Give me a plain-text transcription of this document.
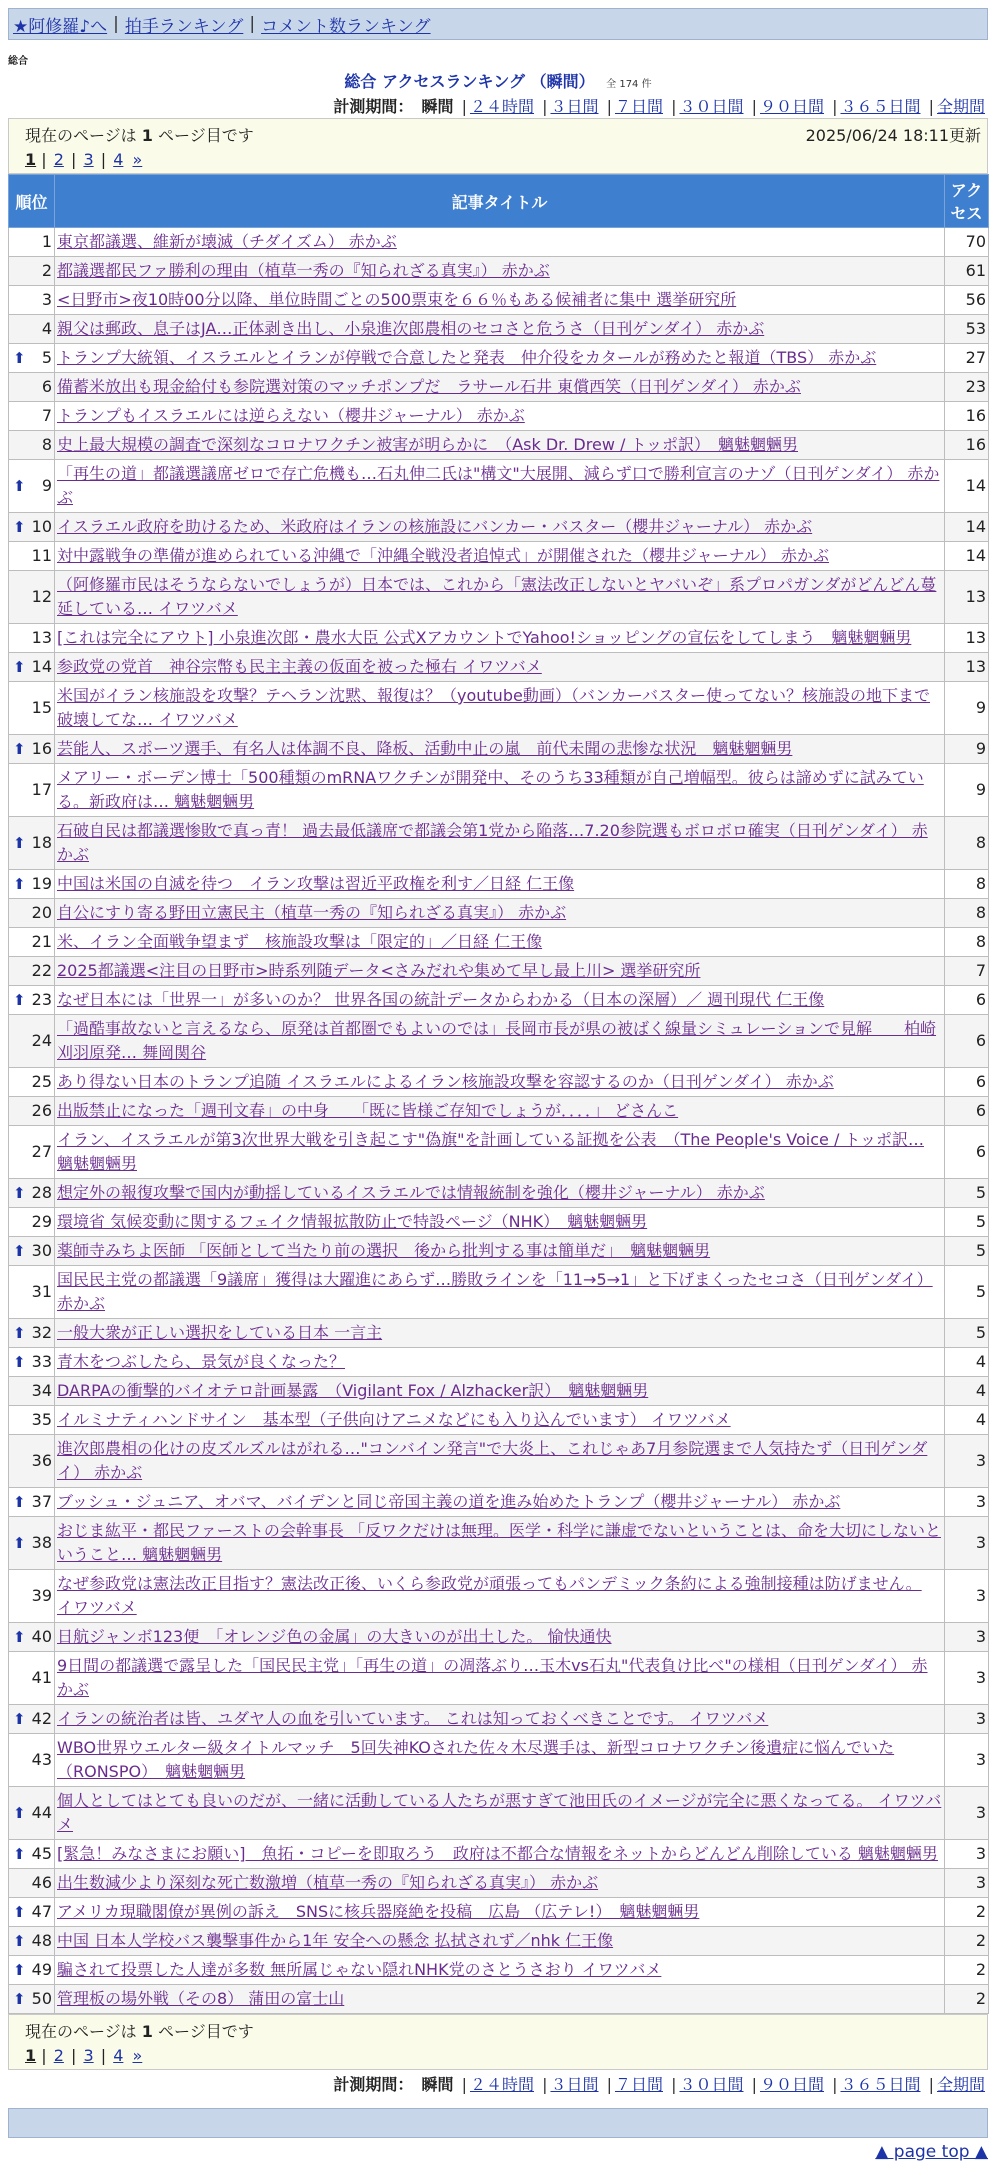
★阿修羅♪へ | 拍手ランキング | コメント数ランキング
総合
総合 アクセスランキング （瞬間） 全 174 件
計測期間： 瞬間 | ２４時間 | ３日間 | ７日間 | ３０日間 | ９０日間 | ３６５日間 | 全期間
現在のページは 1 ページ目です	2025/06/24 18:11更新
1 | 2 | 3 | 4 »
順位	記事タイトル	アクセス
1	東京都議選、維新が壊滅（チダイズム） 赤かぶ	70
2	都議選都民ファ勝利の理由（植草一秀の『知られざる真実』） 赤かぶ	61
3	<日野市>夜10時00分以降、単位時間ごとの500票束を６６％もある候補者に集中 選挙研究所	56
4	親父は郵政、息子はJA…正体剥き出し、小泉進次郎農相のセコさと危うさ（日刊ゲンダイ） 赤かぶ	53

⬆ 5	トランプ大統領、イスラエルとイランが停戦で合意したと発表　仲介役をカタールが務めたと報道（TBS） 赤かぶ	27
6	備蓄米放出も現金給付も参院選対策のマッチポンプだ　ラサール石井 東償西笑（日刊ゲンダイ） 赤かぶ	23
7	トランプもイスラエルには逆らえない（櫻井ジャーナル） 赤かぶ	16
8	史上最大規模の調査で深刻なコロナワクチン被害が明らかに　（Ask Dr. Drew / トッポ訳）　魑魅魍魎男	16

⬆ 9	「再生の道」都議選議席ゼロで存亡危機も…石丸伸二氏は"構文"大展開、減らず口で勝利宣言のナゾ（日刊ゲンダイ） 赤かぶ	14

⬆ 10	イスラエル政府を助けるため、米政府はイランの核施設にバンカー・バスター（櫻井ジャーナル） 赤かぶ	14
11	対中露戦争の準備が進められている沖縄で「沖縄全戦没者追悼式」が開催された（櫻井ジャーナル） 赤かぶ	14
12	（阿修羅市民はそうならないでしょうが）日本では、これから「憲法改正しないとヤバいぞ」系プロパガンダがどんどん蔓延している… イワツバメ	13
13	[これは完全にアウト] 小泉進次郎・農水大臣 公式XアカウントでYahoo!ショッピングの宣伝をしてしまう　魑魅魍魎男	13

⬆ 14	参政党の党首　神谷宗幣も民主主義の仮面を被った極右 イワツバメ	13
15	米国がイラン核施設を攻撃？テヘラン沈黙、報復は？（youtube動画）（バンカーバスター使ってない？核施設の地下まで破壊してな… イワツバメ	9

⬆ 16	芸能人、スポーツ選手、有名人は体調不良、降板、活動中止の嵐　前代未聞の悲惨な状況　魑魅魍魎男	9
17	メアリー・ボーデン博士「500種類のmRNAワクチンが開発中、そのうち33種類が自己増幅型。彼らは諦めずに試みている。新政府は… 魑魅魍魎男	9

⬆ 18	石破自民は都議選惨敗で真っ青！ 過去最低議席で都議会第1党から陥落…7.20参院選もボロボロ確実（日刊ゲンダイ） 赤かぶ	8

⬆ 19	中国は米国の自滅を待つ　イラン攻撃は習近平政権を利す／日経 仁王像	8
20	自公にすり寄る野田立憲民主（植草一秀の『知られざる真実』） 赤かぶ	8
21	米、イラン全面戦争望まず　核施設攻撃は「限定的」／日経 仁王像	8
22	2025都議選<注目の日野市>時系列随データ<さみだれや集めて早し最上川> 選挙研究所	7

⬆ 23	なぜ日本には「世界一」が多いのか？ 世界各国の統計データからわかる（日本の深層）／ 週刊現代 仁王像	6
24	「過酷事故ないと言えるなら、原発は首都圏でもよいのでは」長岡市長が県の被ばく線量シミュレーションで見解　　柏崎刈羽原発… 舞岡関谷	6
25	あり得ない日本のトランプ追随 イスラエルによるイラン核施設攻撃を容認するのか（日刊ゲンダイ） 赤かぶ	6
26	出版禁止になった「週刊文春」の中身　　「既に皆様ご存知でしょうが．．．．」 どさんこ	6
27	イラン、イスラエルが第3次世界大戦を引き起こす"偽旗"を計画している証拠を公表　（The People's Voice / トッポ訳… 魑魅魍魎男	6

⬆ 28	想定外の報復攻撃で国内が動揺しているイスラエルでは情報統制を強化（櫻井ジャーナル） 赤かぶ	5
29	環境省 気候変動に関するフェイク情報拡散防止で特設ページ（NHK）　魑魅魍魎男	5

⬆ 30	薬師寺みちよ医師 「医師として当たり前の選択　後から批判する事は簡単だ」　魑魅魍魎男	5
31	国民民主党の都議選「9議席」獲得は大躍進にあらず…勝敗ラインを「11→5→1」と下げまくったセコさ（日刊ゲンダイ） 赤かぶ	5

⬆ 32	一般大衆が正しい選択をしている日本 一言主	5

⬆ 33	青木をつぶしたら、景気が良くなった？	4
34	DARPAの衝撃的バイオテロ計画暴露　（Vigilant Fox / Alzhacker訳）　魑魅魍魎男	4
35	イルミナティハンドサイン　基本型（子供向けアニメなどにも入り込んでいます） イワツバメ	4
36	進次郎農相の化けの皮ズルズルはがれる…"コンバイン発言"で大炎上、これじゃあ7月参院選まで人気持たず（日刊ゲンダイ） 赤かぶ	3

⬆ 37	ブッシュ・ジュニア、オバマ、バイデンと同じ帝国主義の道を進み始めたトランプ（櫻井ジャーナル） 赤かぶ	3

⬆ 38	おじま紘平・都民ファーストの会幹事長 「反ワクだけは無理。医学・科学に謙虚でないということは、命を大切にしないということ… 魑魅魍魎男	3
39	なぜ参政党は憲法改正目指す？憲法改正後、いくら参政党が頑張ってもパンデミック条約による強制接種は防げません。 イワツバメ	3

⬆ 40	日航ジャンボ123便　「オレンジ色の金属」の大きいのが出土した。 愉快通快	3
41	9日間の都議選で露呈した「国民民主党」「再生の道」の凋落ぶり…玉木vs石丸"代表負け比べ"の様相（日刊ゲンダイ） 赤かぶ	3

⬆ 42	イランの統治者は皆、ユダヤ人の血を引いています。 これは知っておくべきことです。 イワツバメ	3
43	WBO世界ウエルター級タイトルマッチ　5回失神KOされた佐々木尽選手は、新型コロナワクチン後遺症に悩んでいた（RONSPO）　魑魅魍魎男	3

⬆ 44	個人としてはとても良いのだが、一緒に活動している人たちが悪すぎて池田氏のイメージが完全に悪くなってる。 イワツバメ	3

⬆ 45	[緊急！みなさまにお願い]　魚拓・コピーを即取ろう　政府は不都合な情報をネットからどんどん削除している 魑魅魍魎男	3
46	出生数減少より深刻な死亡数激増（植草一秀の『知られざる真実』） 赤かぶ	3

⬆ 47	アメリカ現職閣僚が異例の訴え　SNSに核兵器廃絶を投稿　広島 （広テレ!）　魑魅魍魎男	2

⬆ 48	中国 日本人学校バス襲撃事件から1年 安全への懸念 払拭されず／nhk 仁王像	2

⬆ 49	騙されて投票した人達が多数 無所属じゃない隠れNHK党のさとうさおり イワツバメ	2

⬆ 50	管理板の場外戦（その8） 蒲田の富士山	2
現在のページは 1 ページ目です
1 | 2 | 3 | 4 »
計測期間： 瞬間 | ２４時間 | ３日間 | ７日間 | ３０日間 | ９０日間 | ３６５日間 | 全期間
▲ page top ▲
